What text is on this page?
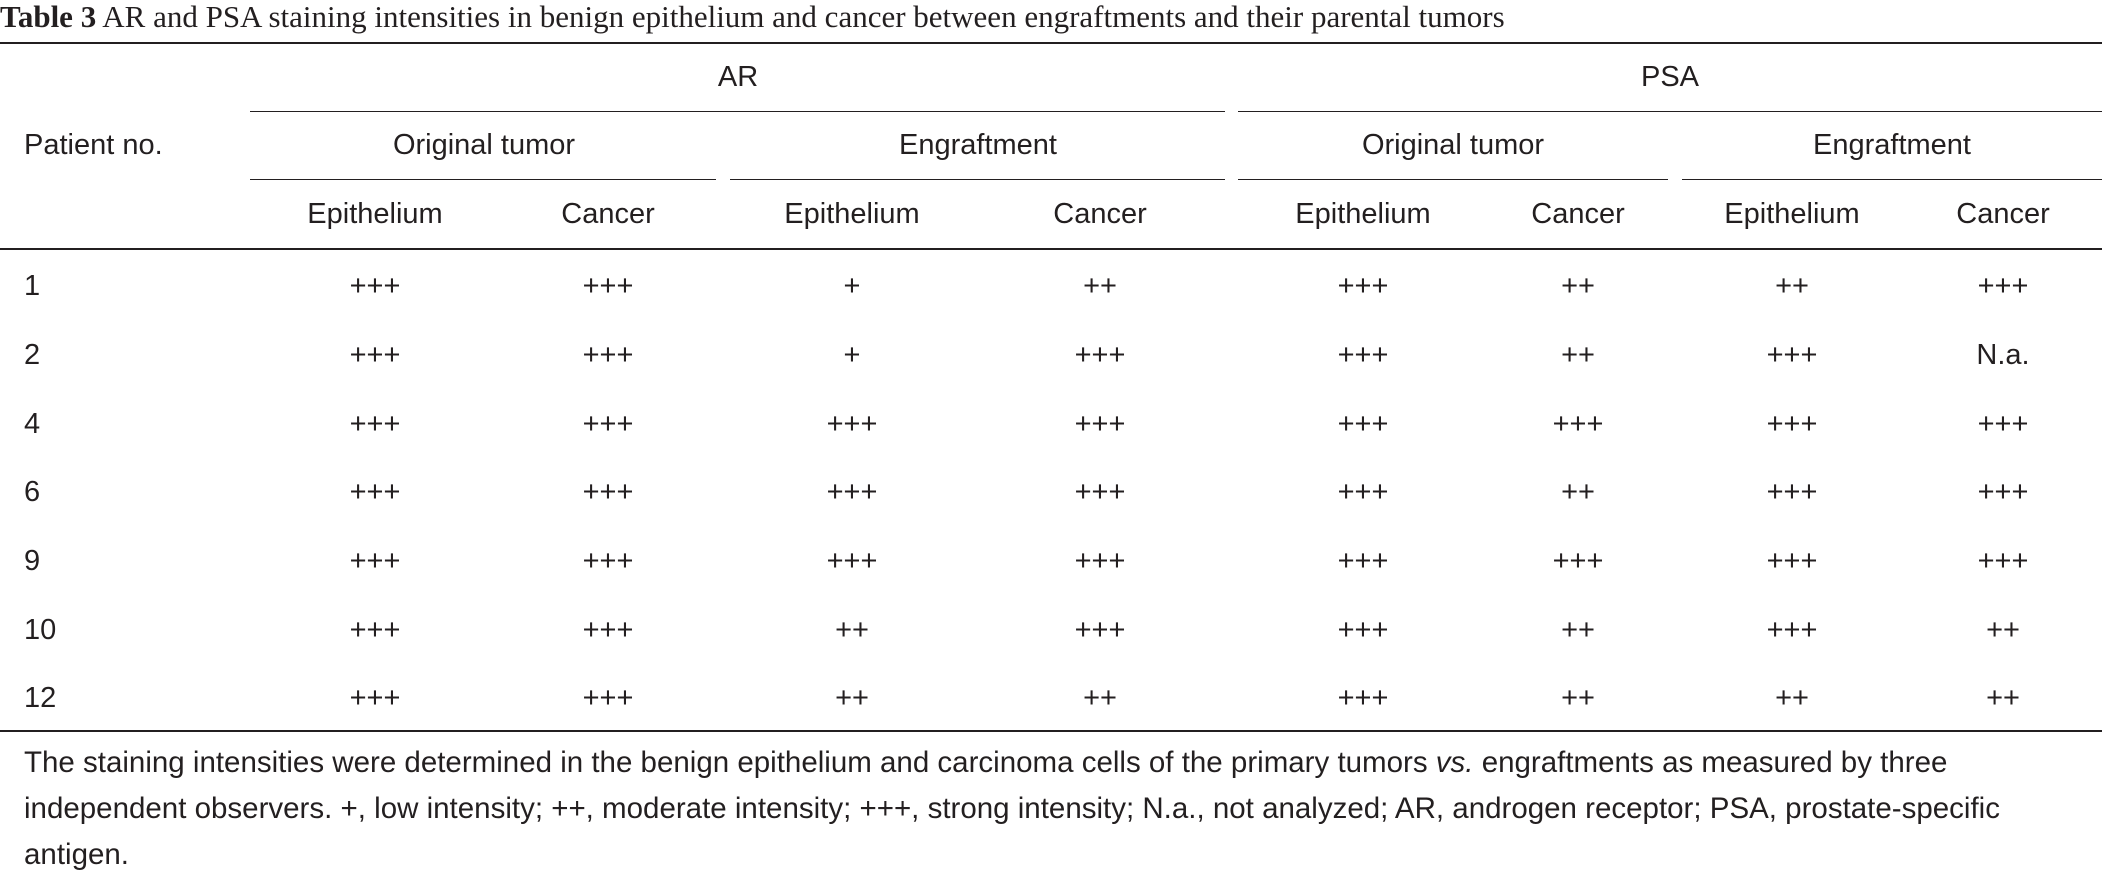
Table 3 AR and PSA staining intensities in benign epithelium and cancer between engraftments and their parental tumors
Patient no.
AR	PSA
Original tumor	Engraftment	Original tumor	Engraftment
Epithelium	Cancer	Epithelium	Cancer	Epithelium	Cancer	Epithelium	Cancer
1	+++	+++	+	++	+++	++	++	+++
2	+++	+++	+	+++	+++	++	+++	N.a.
4	+++	+++	+++	+++	+++	+++	+++	+++
6	+++	+++	+++	+++	+++	++	+++	+++
9	+++	+++	+++	+++	+++	+++	+++	+++
10	+++	+++	++	+++	+++	++	+++	++
12	+++	+++	++	++	+++	++	++	++
The staining intensities were determined in the benign epithelium and carcinoma cells of the primary tumors vs. engraftments as measured by three independent observers. +, low intensity; ++, moderate intensity; +++, strong intensity; N.a., not analyzed; AR, androgen receptor; PSA, prostate-specific antigen.
